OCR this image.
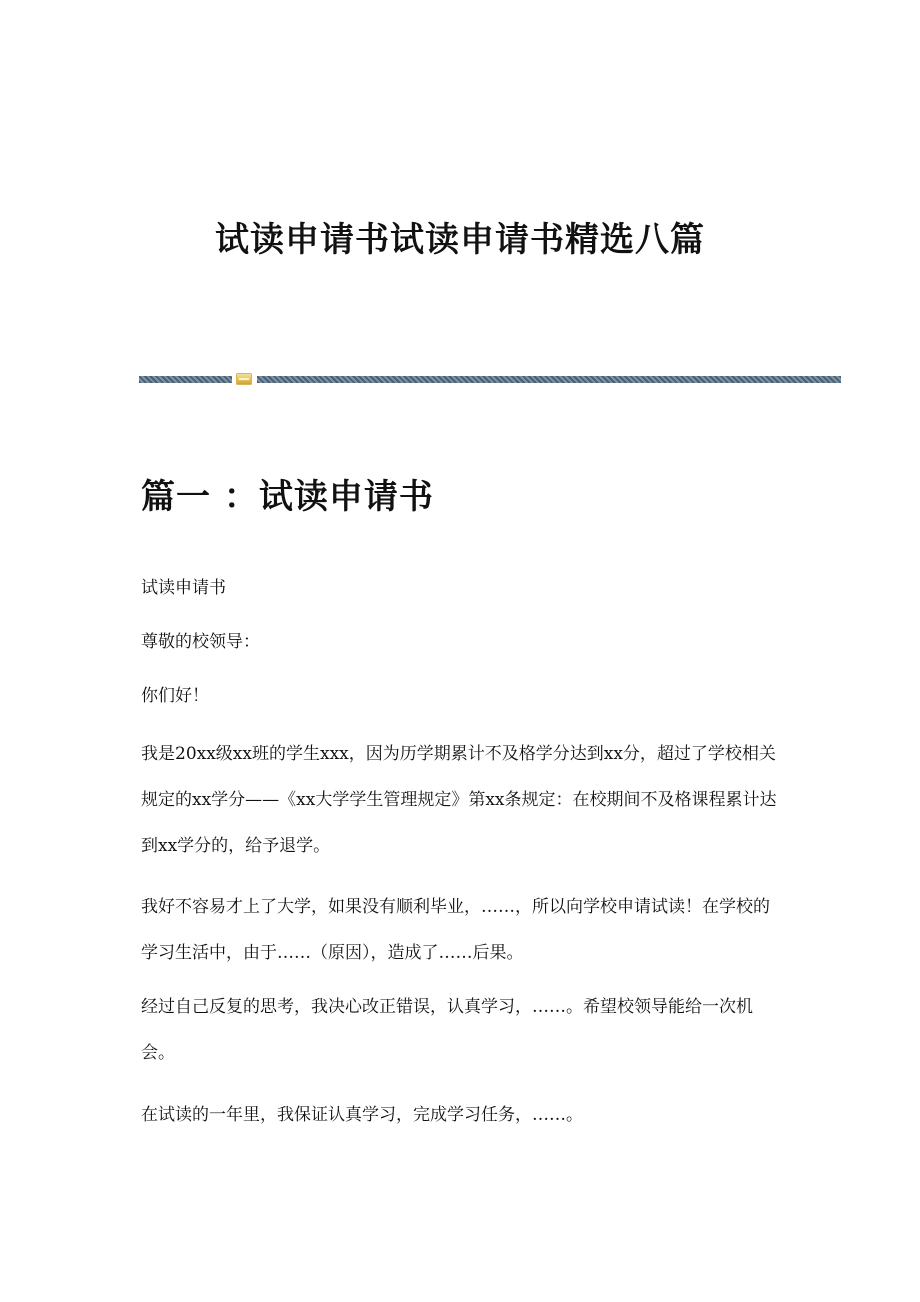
试读申请书试读申请书精选八篇
篇一 ：试读申请书

试读申请书

尊敬的校领导：

你们好！

我是20xx级xx班的学生xxx，因为历学期累计不及格学分达到xx分，超过了学校相关规定的xx学分——《xx大学学生管理规定》第xx条规定：在校期间不及格课程累计达到xx学分的，给予退学。

我好不容易才上了大学，如果没有顺利毕业，……，所以向学校申请试读！在学校的学习生活中，由于……（原因），造成了……后果。

经过自己反复的思考，我决心改正错误，认真学习，……。希望校领导能给一次机会。

在试读的一年里，我保证认真学习，完成学习任务，……。
